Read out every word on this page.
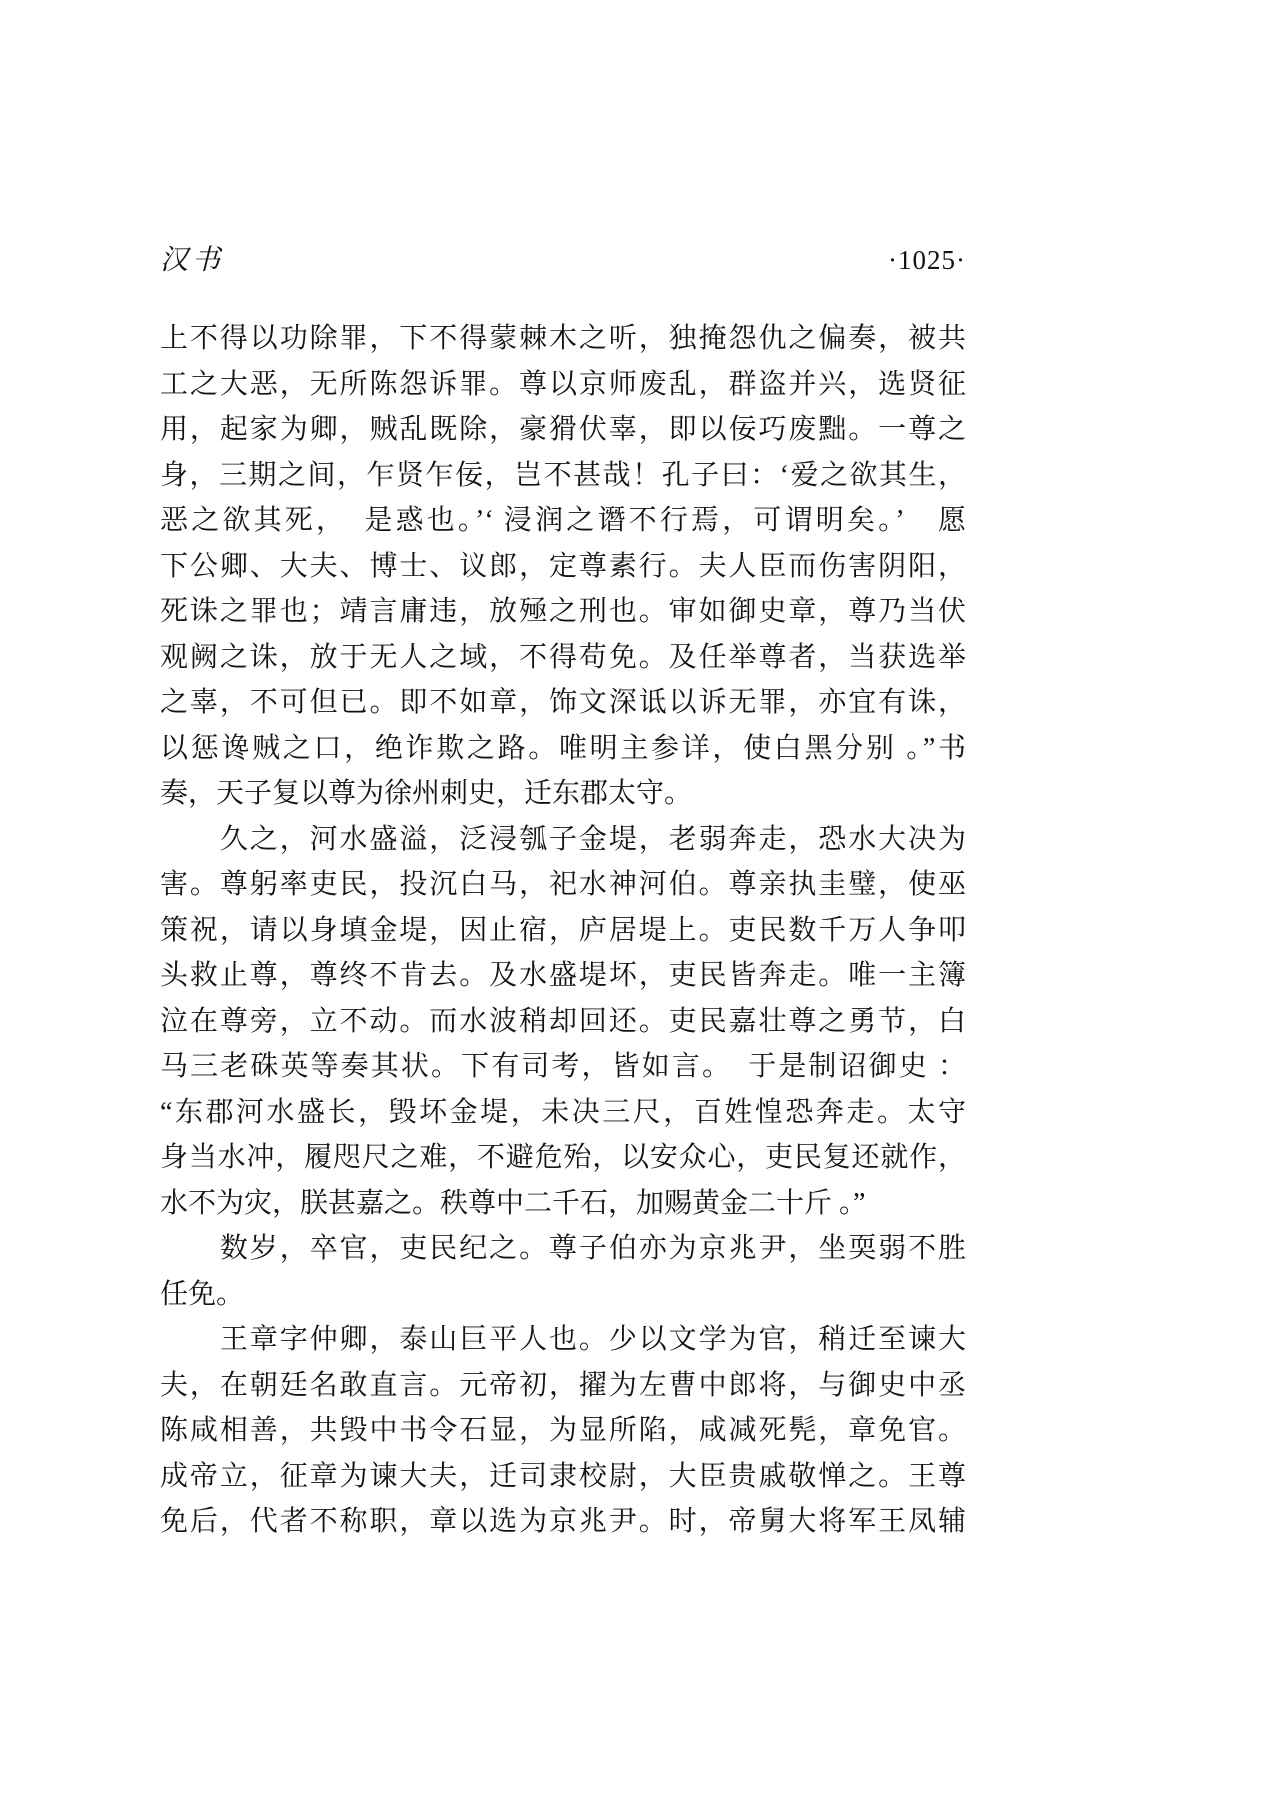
汉书	·1025·
上不得以功除罪，下不得蒙棘木之听，独掩怨仇之偏奏，被共
工之大恶，无所陈怨诉罪。尊以京师废乱，群盗并兴，选贤征
用，起家为卿，贼乱既除，豪猾伏辜，即以佞巧废黜。一尊之
身，三期之间，乍贤乍佞，岂不甚哉！孔子曰：‘爱之欲其生，
恶之欲其死，　是惑也。’‘ 浸润之谮不行焉，可谓明矣。’　愿
下公卿、大夫、博士、议郎，定尊素行。夫人臣而伤害阴阳，
死诛之罪也；靖言庸违，放殛之刑也。审如御史章，尊乃当伏
观阙之诛，放于无人之域，不得苟免。及任举尊者，当获选举
之辜，不可但已。即不如章，饰文深诋以诉无罪，亦宜有诛，
以惩谗贼之口，绝诈欺之路。唯明主参详，使白黑分别 。”书
奏，天子复以尊为徐州刺史，迁东郡太守。
　　久之，河水盛溢，泛浸瓠子金堤，老弱奔走，恐水大决为
害。尊躬率吏民，投沉白马，祀水神河伯。尊亲执圭璧，使巫
策祝，请以身填金堤，因止宿，庐居堤上。吏民数千万人争叩
头救止尊，尊终不肯去。及水盛堤坏，吏民皆奔走。唯一主簿
泣在尊旁，立不动。而水波稍却回还。吏民嘉壮尊之勇节，白
马三老硃英等奏其状。下有司考，皆如言。　于是制诏御史 ：
“东郡河水盛长，毁坏金堤，未决三尺，百姓惶恐奔走。太守
身当水冲，履咫尺之难，不避危殆，以安众心，吏民复还就作，
水不为灾，朕甚嘉之。秩尊中二千石，加赐黄金二十斤 。”
　　数岁，卒官，吏民纪之。尊子伯亦为京兆尹，坐耎弱不胜
任免。
　　王章字仲卿，泰山巨平人也。少以文学为官，稍迁至谏大
夫，在朝廷名敢直言。元帝初，擢为左曹中郎将，与御史中丞
陈咸相善，共毁中书令石显，为显所陷，咸减死髡，章免官。
成帝立，征章为谏大夫，迁司隶校尉，大臣贵戚敬惮之。王尊
免后，代者不称职，章以选为京兆尹。时，帝舅大将军王凤辅
